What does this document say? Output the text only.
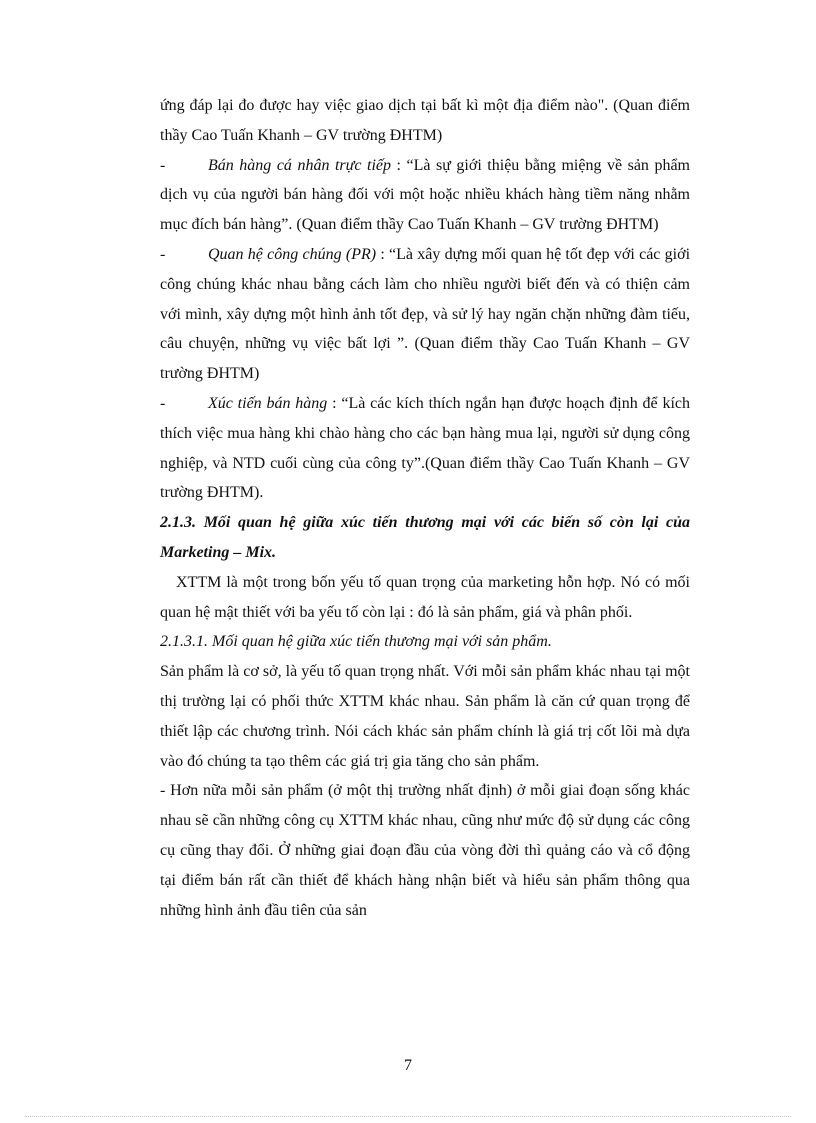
ứng đáp lại đo được hay việc giao dịch tại bất kì một địa điểm nào". (Quan điểm thầy Cao Tuấn Khanh – GV trường ĐHTM)

-	Bán hàng cá nhân trực tiếp : “Là sự giới thiệu bằng miệng về sản phẩm dịch vụ của người bán hàng đối với một hoặc nhiều khách hàng tiềm năng nhằm mục đích bán hàng”. (Quan điểm thầy Cao Tuấn Khanh – GV trường ĐHTM)

-	Quan hệ công chúng (PR) : “Là xây dựng mối quan hệ tốt đẹp với các giới công chúng khác nhau bằng cách làm cho nhiều người biết đến và có thiện cảm với mình, xây dựng một hình ảnh tốt đẹp, và sử lý hay ngăn chặn những đàm tiếu, câu chuyện, những vụ việc bất lợi ”. (Quan điểm thầy Cao Tuấn Khanh – GV trường ĐHTM)

-	Xúc tiến bán hàng : “Là các kích thích ngắn hạn được hoạch định để kích thích việc mua hàng khi chào hàng cho các bạn hàng mua lại, người sử dụng công nghiệp, và NTD cuối cùng của công ty”.(Quan điểm thầy Cao Tuấn Khanh – GV trường ĐHTM).

2.1.3. Mối quan hệ giữa xúc tiến thương mại với các biến số còn lại của Marketing – Mix.

XTTM là một trong bốn yếu tố quan trọng của marketing hỗn hợp. Nó có mối quan hệ mật thiết với ba yếu tố còn lại : đó là sản phẩm, giá và phân phối.

2.1.3.1. Mối quan hệ giữa xúc tiến thương mại với sản phẩm.

Sản phẩm là cơ sở, là yếu tố quan trọng nhất. Với mỗi sản phẩm khác nhau tại một thị trường lại có phối thức XTTM khác nhau. Sản phẩm là căn cứ quan trọng để thiết lập các chương trình. Nói cách khác sản phẩm chính là giá trị cốt lõi mà dựa vào đó chúng ta tạo thêm các giá trị gia tăng cho sản phẩm.

- Hơn nữa mỗi sản phẩm (ở một thị trường nhất định) ở mỗi giai đoạn sống khác nhau sẽ cần những công cụ XTTM khác nhau, cũng như mức độ sử dụng các công cụ cũng thay đổi. Ở những giai đoạn đầu của vòng đời thì quảng cáo và cổ động tại điểm bán rất cần thiết để khách hàng nhận biết và hiểu sản phẩm thông qua những hình ảnh đầu tiên của sản

7
